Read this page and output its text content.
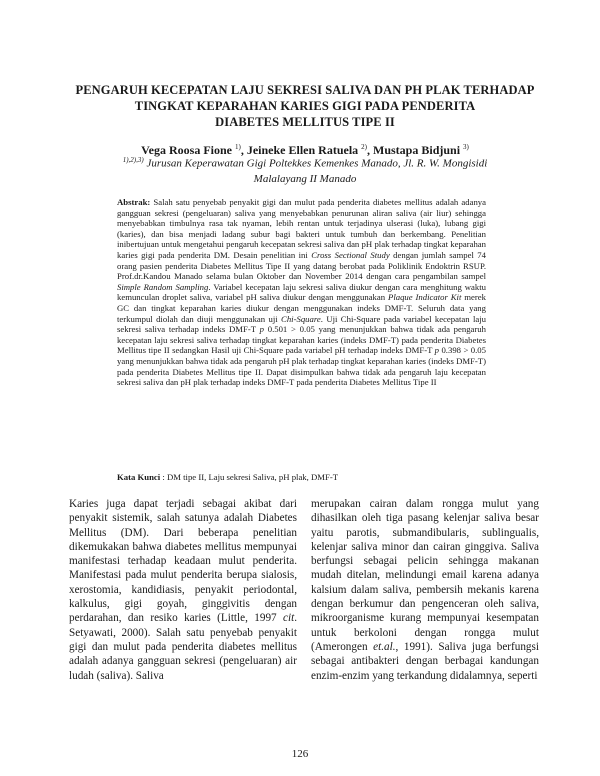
PENGARUH KECEPATAN LAJU SEKRESI SALIVA DAN PH PLAK TERHADAP
TINGKAT KEPARAHAN KARIES GIGI PADA PENDERITA
DIABETES MELLITUS TIPE II
Vega Roosa Fione $^{1)}$, Jeineke Ellen Ratuela $^{2)}$, Mustapa Bidjuni $^{3)}$
$^{1),2),3)}$ Jurusan Keperawatan Gigi Poltekkes Kemenkes Manado, Jl. R. W. Mongisidi
Malalayang II Manado
Abstrak: Salah satu penyebab penyakit gigi dan mulut pada penderita diabetes mellitus adalah adanya gangguan sekresi (pengeluaran) saliva yang menyebabkan penurunan aliran saliva (air liur) sehingga menyebabkan timbulnya rasa tak nyaman, lebih rentan untuk terjadinya ulserasi (luka), lubang gigi (karies), dan bisa menjadi ladang subur bagi bakteri untuk tumbuh dan berkembang. Penelitian inibertujuan untuk mengetahui pengaruh kecepatan sekresi saliva dan pH plak terhadap tingkat keparahan karies gigi pada penderita DM. Desain penelitian ini Cross Sectional Study dengan jumlah sampel 74 orang pasien penderita Diabetes Mellitus Tipe II yang datang berobat pada Poliklinik Endoktrin RSUP. Prof.dr.Kandou Manado selama bulan Oktober dan November 2014 dengan cara pengambilan sampel Simple Random Sampling. Variabel kecepatan laju sekresi saliva diukur dengan cara menghitung waktu kemunculan droplet saliva, variabel pH saliva diukur dengan menggunakan Plaque Indicator Kit merek GC dan tingkat keparahan karies diukur dengan menggunakan indeks DMF-T. Seluruh data yang terkumpul diolah dan diuji menggunakan uji Chi-Square. Uji Chi-Square pada variabel kecepatan laju sekresi saliva terhadap indeks DMF-T p 0.501 > 0.05 yang menunjukkan bahwa tidak ada pengaruh kecepatan laju sekresi saliva terhadap tingkat keparahan karies (indeks DMF-T) pada penderita Diabetes Mellitus tipe II sedangkan Hasil uji Chi-Square pada variabel pH terhadap indeks DMF-T p 0.398 > 0.05 yang menunjukkan bahwa tidak ada pengaruh pH plak terhadap tingkat keparahan karies (indeks DMF-T) pada penderita Diabetes Mellitus tipe II. Dapat disimpulkan bahwa tidak ada pengaruh laju kecepatan sekresi saliva dan pH plak terhadap indeks DMF-T pada penderita Diabetes Mellitus Tipe II
Kata Kunci : DM tipe II, Laju sekresi Saliva, pH plak, DMF-T

Karies juga dapat terjadi sebagai akibat dari penyakit sistemik, salah satunya adalah Diabetes Mellitus (DM). Dari beberapa penelitian dikemukakan bahwa diabetes mellitus mempunyai manifestasi terhadap keadaan mulut penderita. Manifestasi pada mulut penderita berupa sialosis, xerostomia, kandidiasis, penyakit periodontal, kalkulus, gigi goyah, ginggivitis dengan perdarahan, dan resiko karies (Little, 1997 cit. Setyawati, 2000). Salah satu penyebab penyakit gigi dan mulut pada penderita diabetes mellitus adalah adanya gangguan sekresi (pengeluaran) air ludah (saliva). Saliva

merupakan cairan dalam rongga mulut yang dihasilkan oleh tiga pasang kelenjar saliva besar yaitu parotis, submandibularis, sublingualis, kelenjar saliva minor dan cairan ginggiva. Saliva berfungsi sebagai pelicin sehingga makanan mudah ditelan, melindungi email karena adanya kalsium dalam saliva, pembersih mekanis karena dengan berkumur dan pengenceran oleh saliva, mikroorganisme kurang mempunyai kesempatan untuk berkoloni dengan rongga mulut (Amerongen et.al., 1991). Saliva juga berfungsi sebagai antibakteri dengan berbagai kandungan enzim-enzim yang terkandung didalamnya, seperti

126
